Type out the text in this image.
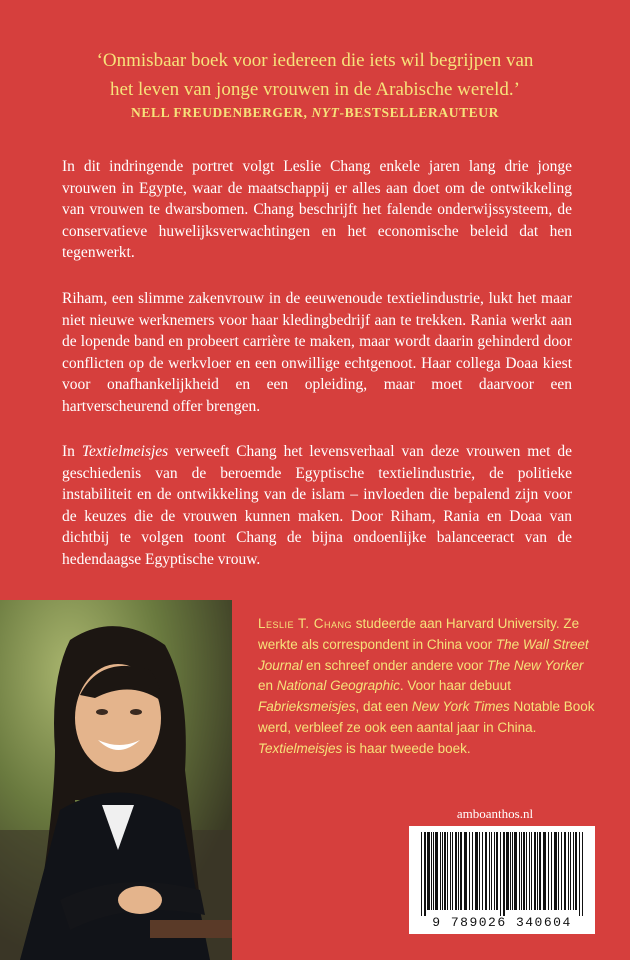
‘Onmisbaar boek voor iedereen die iets wil begrijpen van
het leven van jonge vrouwen in de Arabische wereld.’

NELL FREUDENBERGER, NYT-BESTSELLERAUTEUR

In dit indringende portret volgt Leslie Chang enkele jaren lang drie jonge vrouwen in Egypte, waar de maatschappij er alles aan doet om de ontwikkeling van vrouwen te dwarsbomen. Chang beschrijft het falende onderwijssysteem, de conservatieve huwelijksverwachtingen en het economische beleid dat hen tegenwerkt.

Riham, een slimme zakenvrouw in de eeuwenoude textielindustrie, lukt het maar niet nieuwe werknemers voor haar kledingbedrijf aan te trekken. Rania werkt aan de lopende band en probeert carrière te maken, maar wordt daarin gehinderd door conflicten op de werkvloer en een onwillige echtgenoot. Haar collega Doaa kiest voor onafhankelijkheid en een opleiding, maar moet daarvoor een hartverscheurend offer brengen.

In Textielmeisjes verweeft Chang het levensverhaal van deze vrouwen met de geschiedenis van de beroemde Egyptische textielindustrie, de politieke instabiliteit en de ontwikkeling van de islam – invloeden die bepalend zijn voor de keuzes die de vrouwen kunnen maken. Door Riham, Rania en Doaa van dichtbij te volgen toont Chang de bijna ondoenlijke balanceeract van de hedendaagse Egyptische vrouw.

Leslie T. Chang studeerde aan Harvard University. Ze werkte als correspondent in China voor The Wall Street Journal en schreef onder andere voor The New Yorker en National Geographic. Voor haar debuut Fabrieksmeisjes, dat een New York Times Notable Book werd, verbleef ze ook een aantal jaar in China. Textielmeisjes is haar tweede boek.

amboanthos.nl

9 789026 340604
